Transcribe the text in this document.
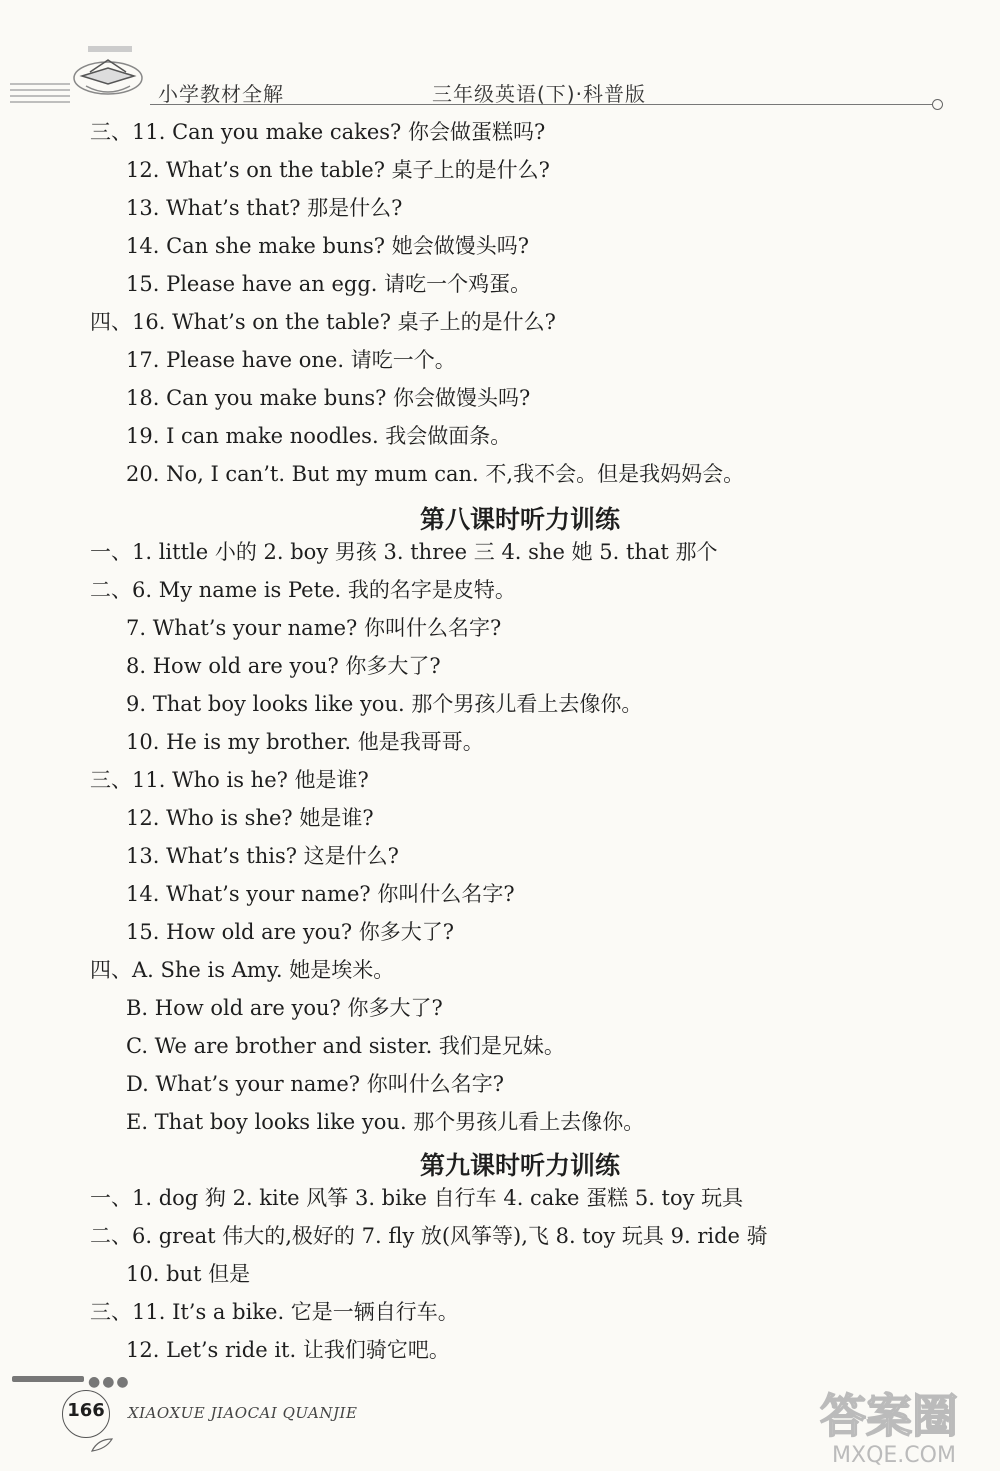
小学教材全解	三年级英语(下)·科普版
三、11. Can you make cakes? 你会做蛋糕吗?
12. What’s on the table? 桌子上的是什么?
13. What’s that? 那是什么?
14. Can she make buns? 她会做馒头吗?
15. Please have an egg. 请吃一个鸡蛋。
四、16. What’s on the table? 桌子上的是什么?
17. Please have one. 请吃一个。
18. Can you make buns? 你会做馒头吗?
19. I can make noodles. 我会做面条。
20. No, I can’t. But my mum can. 不,我不会。但是我妈妈会。
一、1. little 小的 2. boy 男孩 3. three 三 4. she 她 5. that 那个
二、6. My name is Pete. 我的名字是皮特。
7. What’s your name? 你叫什么名字?
8. How old are you? 你多大了?
9. That boy looks like you. 那个男孩儿看上去像你。
10. He is my brother. 他是我哥哥。
三、11. Who is he? 他是谁?
12. Who is she? 她是谁?
13. What’s this? 这是什么?
14. What’s your name? 你叫什么名字?
15. How old are you? 你多大了?
四、A. She is Amy. 她是埃米。
B. How old are you? 你多大了?
C. We are brother and sister. 我们是兄妹。
D. What’s your name? 你叫什么名字?
E. That boy looks like you. 那个男孩儿看上去像你。
一、1. dog 狗 2. kite 风筝 3. bike 自行车 4. cake 蛋糕 5. toy 玩具
二、6. great 伟大的,极好的 7. fly 放(风筝等),飞 8. toy 玩具 9. ride 骑
10. but 但是
三、11. It’s a bike. 它是一辆自行车。
12. Let’s ride it. 让我们骑它吧。
第八课时听力训练
第九课时听力训练
●●●
166	XIAOXUE JIAOCAI QUANJIE	答案圈
MXQE.COM
